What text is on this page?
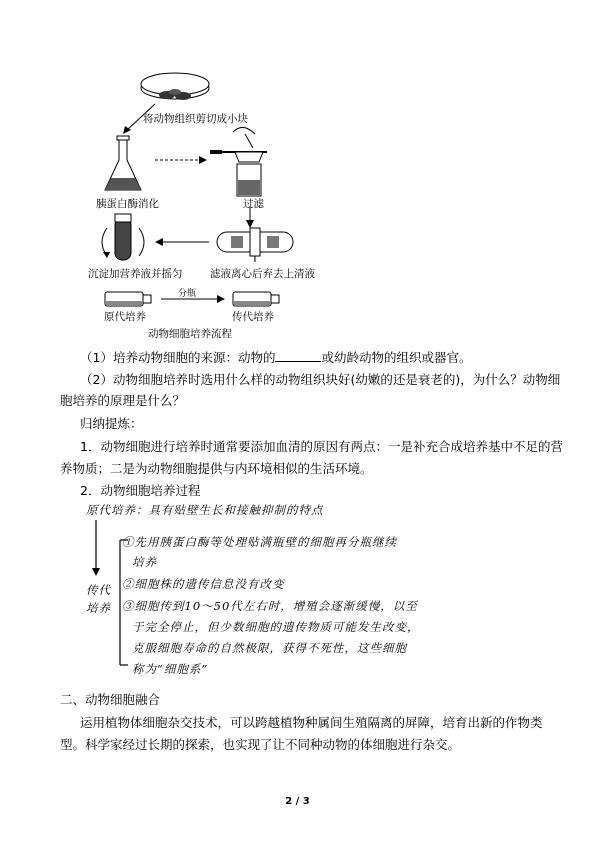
将动物组织剪切成小块
胰蛋白酶消化	过滤
滤液离心后弃去上清液
沉淀加营养液并摇匀
分瓶
原代培养	传代培养
动物细胞培养流程
（1）培养动物细胞的来源：动物的	或幼龄动物的组织或器官。
（2）动物细胞培养时选用什么样的动物组织块好(幼嫩的还是衰老的)，为什么？动物细
胞培养的原理是什么？
归纳提炼：
1．动物细胞进行培养时通常要添加血清的原因有两点：一是补充合成培养基中不足的营
养物质；二是为动物细胞提供与内环境相似的生活环境。
2．动物细胞培养过程
原代培养：具有贴壁生长和接触抑制的特点
传代
培养
①先用胰蛋白酶等处理贴满瓶壁的细胞再分瓶继续
培养
②细胞株的遗传信息没有改变
③细胞传到10～50代左右时，增殖会逐渐缓慢，以至
于完全停止，但少数细胞的遗传物质可能发生改变，
克服细胞寿命的自然极限，获得不死性，这些细胞
称为“细胞系”
二、动物细胞融合
运用植物体细胞杂交技术，可以跨越植物种属间生殖隔离的屏障，培育出新的作物类
型。科学家经过长期的探索，也实现了让不同种动物的体细胞进行杂交。
2 / 3
